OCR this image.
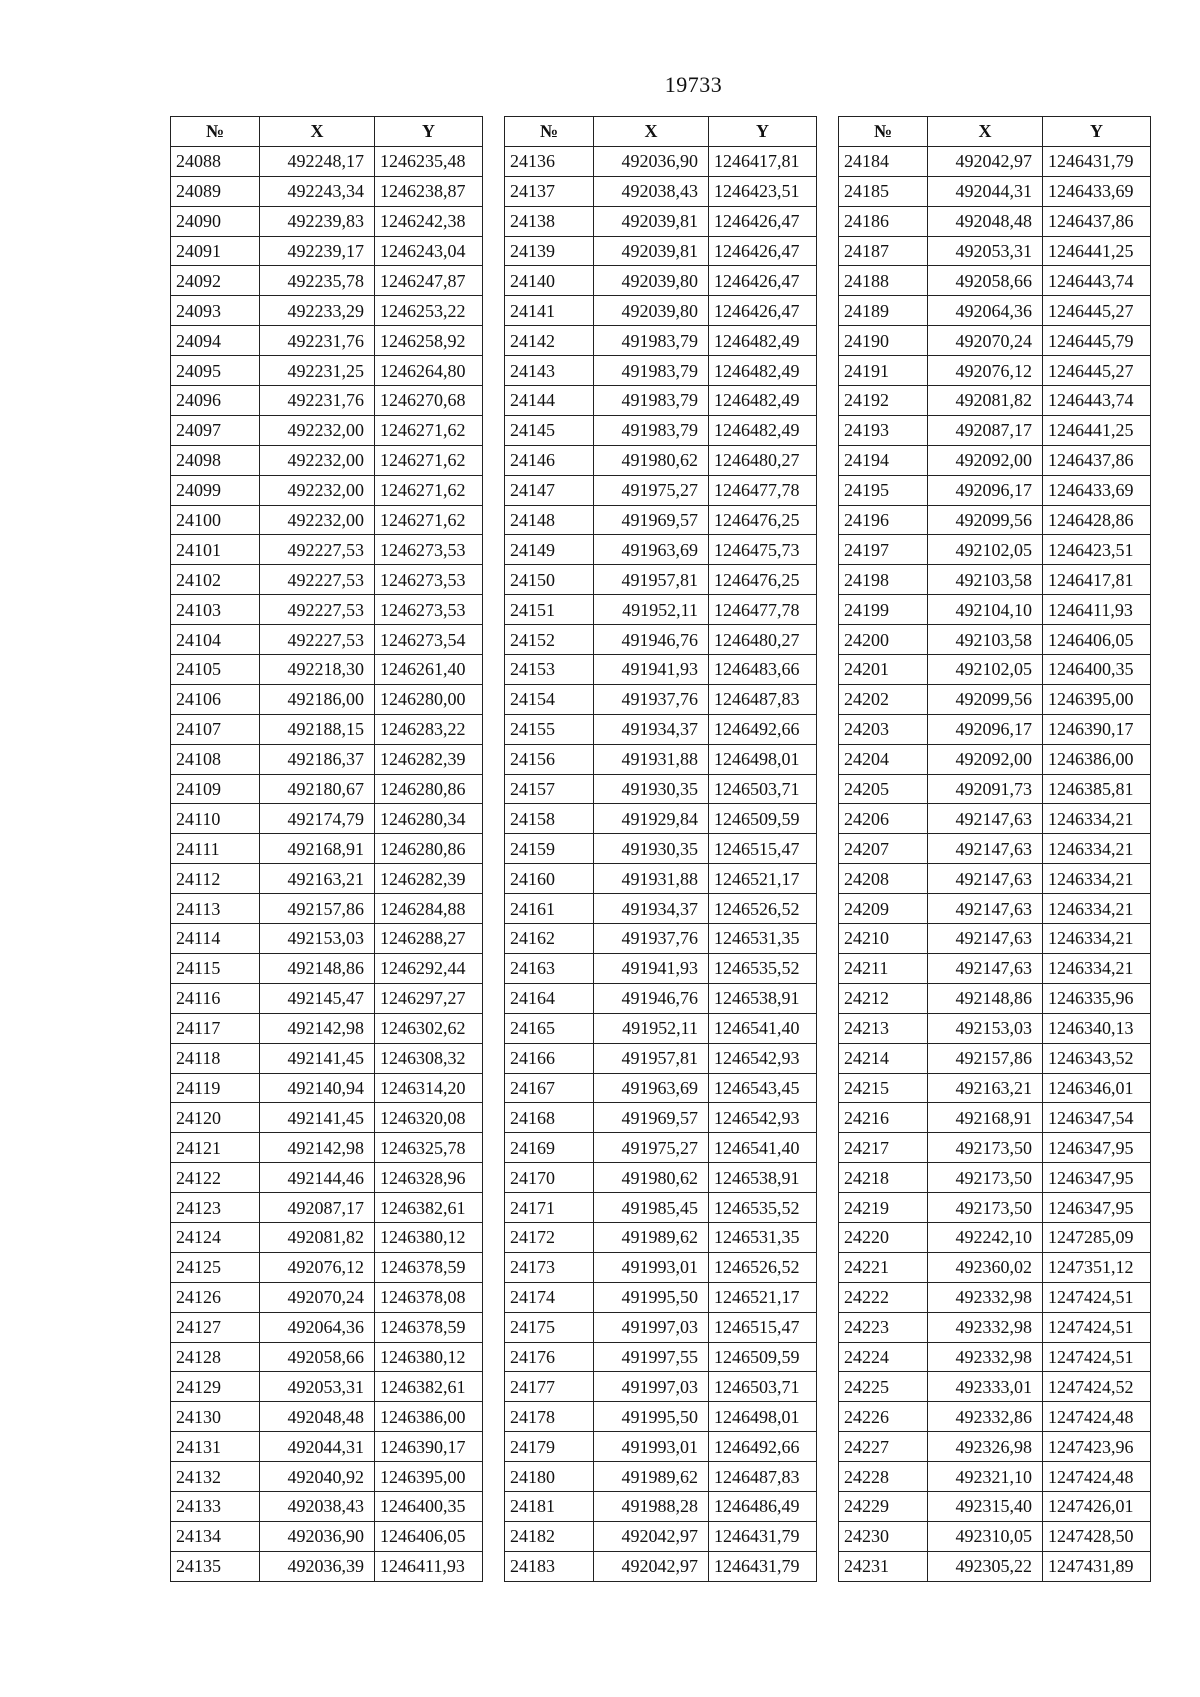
19733
№	X	Y
24088	492248,17	1246235,48
24089	492243,34	1246238,87
24090	492239,83	1246242,38
24091	492239,17	1246243,04
24092	492235,78	1246247,87
24093	492233,29	1246253,22
24094	492231,76	1246258,92
24095	492231,25	1246264,80
24096	492231,76	1246270,68
24097	492232,00	1246271,62
24098	492232,00	1246271,62
24099	492232,00	1246271,62
24100	492232,00	1246271,62
24101	492227,53	1246273,53
24102	492227,53	1246273,53
24103	492227,53	1246273,53
24104	492227,53	1246273,54
24105	492218,30	1246261,40
24106	492186,00	1246280,00
24107	492188,15	1246283,22
24108	492186,37	1246282,39
24109	492180,67	1246280,86
24110	492174,79	1246280,34
24111	492168,91	1246280,86
24112	492163,21	1246282,39
24113	492157,86	1246284,88
24114	492153,03	1246288,27
24115	492148,86	1246292,44
24116	492145,47	1246297,27
24117	492142,98	1246302,62
24118	492141,45	1246308,32
24119	492140,94	1246314,20
24120	492141,45	1246320,08
24121	492142,98	1246325,78
24122	492144,46	1246328,96
24123	492087,17	1246382,61
24124	492081,82	1246380,12
24125	492076,12	1246378,59
24126	492070,24	1246378,08
24127	492064,36	1246378,59
24128	492058,66	1246380,12
24129	492053,31	1246382,61
24130	492048,48	1246386,00
24131	492044,31	1246390,17
24132	492040,92	1246395,00
24133	492038,43	1246400,35
24134	492036,90	1246406,05
24135	492036,39	1246411,93
№	X	Y
24136	492036,90	1246417,81
24137	492038,43	1246423,51
24138	492039,81	1246426,47
24139	492039,81	1246426,47
24140	492039,80	1246426,47
24141	492039,80	1246426,47
24142	491983,79	1246482,49
24143	491983,79	1246482,49
24144	491983,79	1246482,49
24145	491983,79	1246482,49
24146	491980,62	1246480,27
24147	491975,27	1246477,78
24148	491969,57	1246476,25
24149	491963,69	1246475,73
24150	491957,81	1246476,25
24151	491952,11	1246477,78
24152	491946,76	1246480,27
24153	491941,93	1246483,66
24154	491937,76	1246487,83
24155	491934,37	1246492,66
24156	491931,88	1246498,01
24157	491930,35	1246503,71
24158	491929,84	1246509,59
24159	491930,35	1246515,47
24160	491931,88	1246521,17
24161	491934,37	1246526,52
24162	491937,76	1246531,35
24163	491941,93	1246535,52
24164	491946,76	1246538,91
24165	491952,11	1246541,40
24166	491957,81	1246542,93
24167	491963,69	1246543,45
24168	491969,57	1246542,93
24169	491975,27	1246541,40
24170	491980,62	1246538,91
24171	491985,45	1246535,52
24172	491989,62	1246531,35
24173	491993,01	1246526,52
24174	491995,50	1246521,17
24175	491997,03	1246515,47
24176	491997,55	1246509,59
24177	491997,03	1246503,71
24178	491995,50	1246498,01
24179	491993,01	1246492,66
24180	491989,62	1246487,83
24181	491988,28	1246486,49
24182	492042,97	1246431,79
24183	492042,97	1246431,79
№	X	Y
24184	492042,97	1246431,79
24185	492044,31	1246433,69
24186	492048,48	1246437,86
24187	492053,31	1246441,25
24188	492058,66	1246443,74
24189	492064,36	1246445,27
24190	492070,24	1246445,79
24191	492076,12	1246445,27
24192	492081,82	1246443,74
24193	492087,17	1246441,25
24194	492092,00	1246437,86
24195	492096,17	1246433,69
24196	492099,56	1246428,86
24197	492102,05	1246423,51
24198	492103,58	1246417,81
24199	492104,10	1246411,93
24200	492103,58	1246406,05
24201	492102,05	1246400,35
24202	492099,56	1246395,00
24203	492096,17	1246390,17
24204	492092,00	1246386,00
24205	492091,73	1246385,81
24206	492147,63	1246334,21
24207	492147,63	1246334,21
24208	492147,63	1246334,21
24209	492147,63	1246334,21
24210	492147,63	1246334,21
24211	492147,63	1246334,21
24212	492148,86	1246335,96
24213	492153,03	1246340,13
24214	492157,86	1246343,52
24215	492163,21	1246346,01
24216	492168,91	1246347,54
24217	492173,50	1246347,95
24218	492173,50	1246347,95
24219	492173,50	1246347,95
24220	492242,10	1247285,09
24221	492360,02	1247351,12
24222	492332,98	1247424,51
24223	492332,98	1247424,51
24224	492332,98	1247424,51
24225	492333,01	1247424,52
24226	492332,86	1247424,48
24227	492326,98	1247423,96
24228	492321,10	1247424,48
24229	492315,40	1247426,01
24230	492310,05	1247428,50
24231	492305,22	1247431,89
